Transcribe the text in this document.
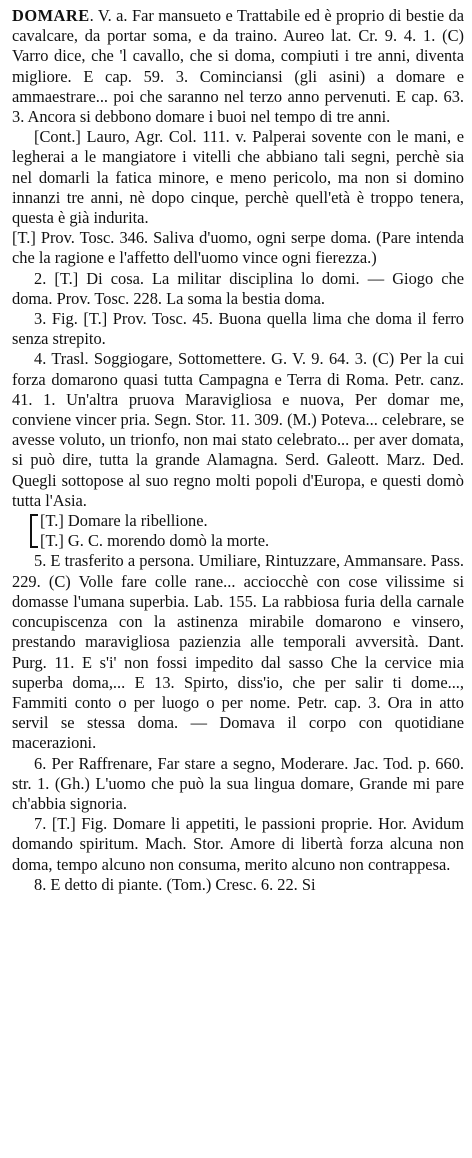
DOMARE. V. a. Far mansueto e Trattabile ed è proprio di bestie da cavalcare, da portar soma, e da traino. Aureo lat. Cr. 9. 4. 1. (C) Varro dice, che 'l cavallo, che si doma, compiuti i tre anni, diventa migliore. E cap. 59. 3. Cominciansi (gli asini) a domare e ammaestrare... poi che saranno nel terzo anno pervenuti. E cap. 63. 3. Ancora si debbono domare i buoi nel tempo di tre anni.

[Cont.] Lauro, Agr. Col. 111. v. Palperai sovente con le mani, e legherai a le mangiatore i vitelli che abbiano tali segni, perchè sia nel domarli la fatica minore, e meno pericolo, ma non si domino innanzi tre anni, nè dopo cinque, perchè quell'età è troppo tenera, questa è già indurita.

[T.] Prov. Tosc. 346. Saliva d'uomo, ogni serpe doma. (Pare intenda che la ragione e l'affetto dell'uomo vince ogni fierezza.)

2. [T.] Di cosa. La militar disciplina lo domi. — Giogo che doma. Prov. Tosc. 228. La soma la bestia doma.

3. Fig. [T.] Prov. Tosc. 45. Buona quella lima che doma il ferro senza strepito.

4. Trasl. Soggiogare, Sottomettere. G. V. 9. 64. 3. (C) Per la cui forza domarono quasi tutta Campagna e Terra di Roma. Petr. canz. 41. 1. Un'altra pruova Maravigliosa e nuova, Per domar me, conviene vincer pria. Segn. Stor. 11. 309. (M.) Poteva... celebrare, se avesse voluto, un trionfo, non mai stato celebrato... per aver domata, si può dire, tutta la grande Alamagna. Serd. Galeott. Marz. Ded. Quegli sottopose al suo regno molti popoli d'Europa, e questi domò tutta l'Asia.

[T.] Domare la ribellione.

[T.] G. C. morendo domò la morte.

5. E trasferito a persona. Umiliare, Rintuzzare, Ammansare. Pass. 229. (C) Volle fare colle rane... acciocchè con cose vilissime si domasse l'umana superbia. Lab. 155. La rabbiosa furia della carnale concupiscenza con la astinenza mirabile domarono e vinsero, prestando maravigliosa pazienzia alle temporali avversità. Dant. Purg. 11. E s'i' non fossi impedito dal sasso Che la cervice mia superba doma,... E 13. Spirto, diss'io, che per salir ti dome..., Fammiti conto o per luogo o per nome. Petr. cap. 3. Ora in atto servil se stessa doma. — Domava il corpo con quotidiane macerazioni.

6. Per Raffrenare, Far stare a segno, Moderare. Jac. Tod. p. 660. str. 1. (Gh.) L'uomo che può la sua lingua domare, Grande mi pare ch'abbia signoria.

7. [T.] Fig. Domare li appetiti, le passioni proprie. Hor. Avidum domando spiritum. Mach. Stor. Amore di libertà forza alcuna non doma, tempo alcuno non consuma, merito alcuno non contrappesa.

8. E detto di piante. (Tom.) Cresc. 6. 22. Si
